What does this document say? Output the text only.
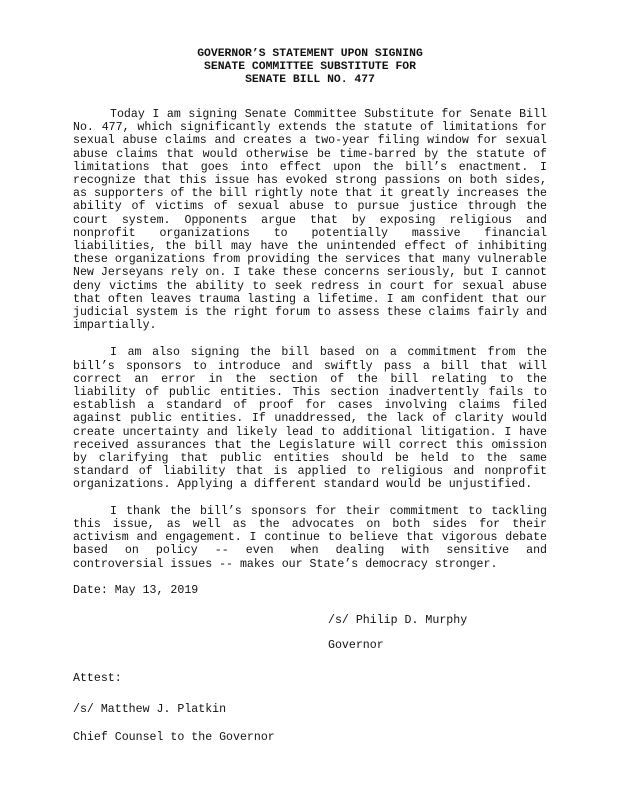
GOVERNOR’S STATEMENT UPON SIGNING
SENATE COMMITTEE SUBSTITUTE FOR
SENATE BILL NO. 477

Today I am signing Senate Committee Substitute for Senate Bill No. 477, which significantly extends the statute of limitations for sexual abuse claims and creates a two-year filing window for sexual abuse claims that would otherwise be time-barred by the statute of limitations that goes into effect upon the bill’s enactment. I recognize that this issue has evoked strong passions on both sides, as supporters of the bill rightly note that it greatly increases the ability of victims of sexual abuse to pursue justice through the court system. Opponents argue that by exposing religious and nonprofit organizations to potentially massive financial liabilities, the bill may have the unintended effect of inhibiting these organizations from providing the services that many vulnerable New Jerseyans rely on. I take these concerns seriously, but I cannot deny victims the ability to seek redress in court for sexual abuse that often leaves trauma lasting a lifetime. I am confident that our judicial system is the right forum to assess these claims fairly and impartially.

I am also signing the bill based on a commitment from the bill’s sponsors to introduce and swiftly pass a bill that will correct an error in the section of the bill relating to the liability of public entities. This section inadvertently fails to establish a standard of proof for cases involving claims filed against public entities. If unaddressed, the lack of clarity would create uncertainty and likely lead to additional litigation. I have received assurances that the Legislature will correct this omission by clarifying that public entities should be held to the same standard of liability that is applied to religious and nonprofit organizations. Applying a different standard would be unjustified.

I thank the bill’s sponsors for their commitment to tackling this issue, as well as the advocates on both sides for their activism and engagement. I continue to believe that vigorous debate based on policy -- even when dealing with sensitive and controversial issues -- makes our State’s democracy stronger.

Date: May 13, 2019
/s/ Philip D. Murphy
Governor
Attest:
/s/ Matthew J. Platkin
Chief Counsel to the Governor
